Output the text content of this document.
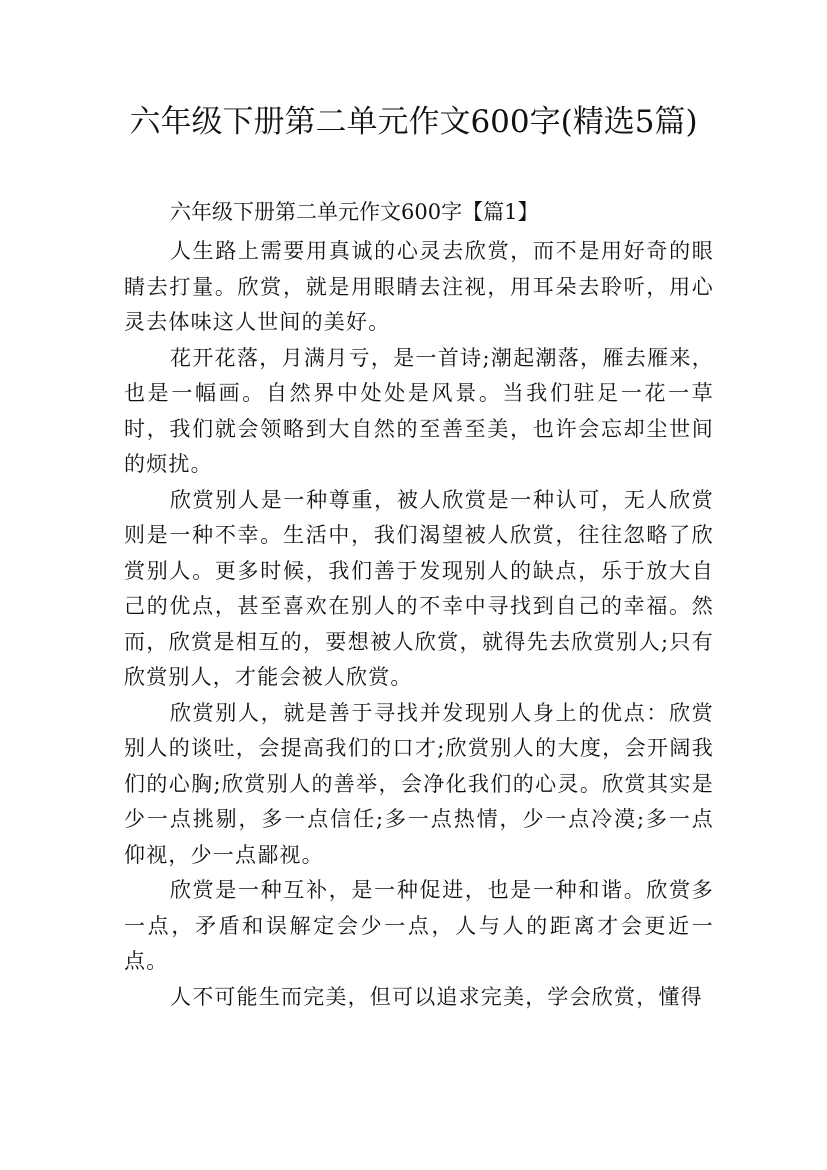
六年级下册第二单元作文600字(精选5篇)
六年级下册第二单元作文600字【篇1】

人生路上需要用真诚的心灵去欣赏，而不是用好奇的眼睛去打量。欣赏，就是用眼睛去注视，用耳朵去聆听，用心灵去体味这人世间的美好。

花开花落，月满月亏，是一首诗;潮起潮落，雁去雁来，也是一幅画。自然界中处处是风景。当我们驻足一花一草时，我们就会领略到大自然的至善至美，也许会忘却尘世间的烦扰。

欣赏别人是一种尊重，被人欣赏是一种认可，无人欣赏则是一种不幸。生活中，我们渴望被人欣赏，往往忽略了欣赏别人。更多时候，我们善于发现别人的缺点，乐于放大自己的优点，甚至喜欢在别人的不幸中寻找到自己的幸福。然而，欣赏是相互的，要想被人欣赏，就得先去欣赏别人;只有欣赏别人，才能会被人欣赏。

欣赏别人，就是善于寻找并发现别人身上的优点：欣赏别人的谈吐，会提高我们的口才;欣赏别人的大度，会开阔我们的心胸;欣赏别人的善举，会净化我们的心灵。欣赏其实是少一点挑剔，多一点信任;多一点热情，少一点冷漠;多一点仰视，少一点鄙视。

欣赏是一种互补，是一种促进，也是一种和谐。欣赏多一点，矛盾和误解定会少一点，人与人的距离才会更近一点。

人不可能生而完美，但可以追求完美，学会欣赏，懂得
